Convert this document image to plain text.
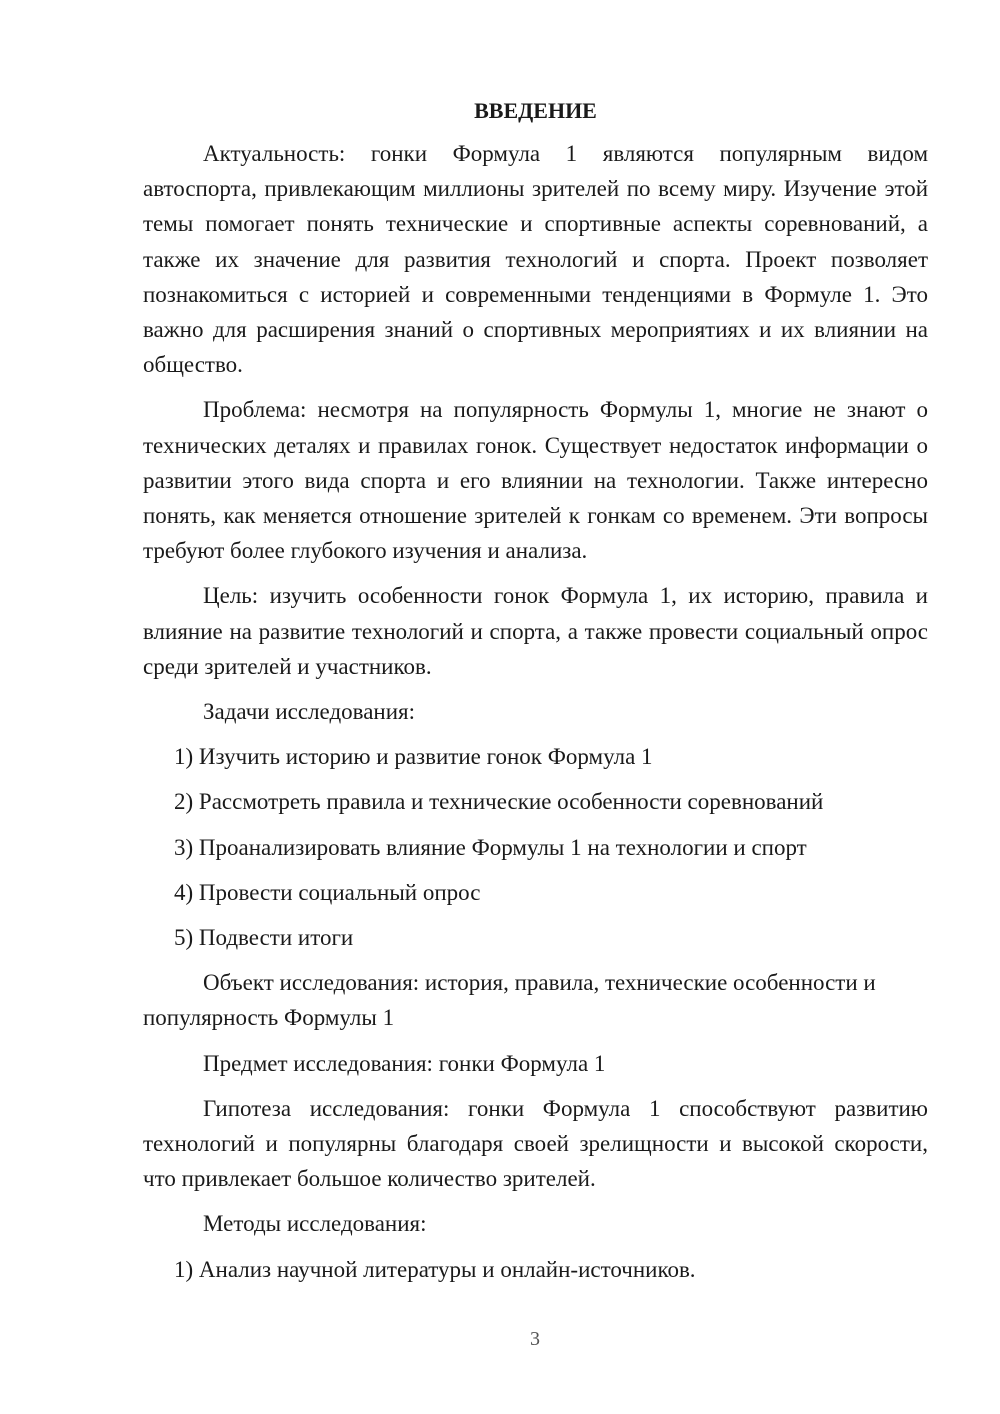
ВВЕДЕНИЕ
Актуальность: гонки Формула 1 являются популярным видом автоспорта, привлекающим миллионы зрителей по всему миру. Изучение этой темы помогает понять технические и спортивные аспекты соревнований, а также их значение для развития технологий и спорта. Проект позволяет познакомиться с историей и современными тенденциями в Формуле 1. Это важно для расширения знаний о спортивных мероприятиях и их влиянии на общество.
Проблема: несмотря на популярность Формулы 1, многие не знают о технических деталях и правилах гонок. Существует недостаток информации о развитии этого вида спорта и его влиянии на технологии. Также интересно понять, как меняется отношение зрителей к гонкам со временем. Эти вопросы требуют более глубокого изучения и анализа.
Цель: изучить особенности гонок Формула 1, их историю, правила и влияние на развитие технологий и спорта, а также провести социальный опрос среди зрителей и участников.
Задачи исследования:
1) Изучить историю и развитие гонок Формула 1
2) Рассмотреть правила и технические особенности соревнований
3) Проанализировать влияние Формулы 1 на технологии и спорт
4) Провести социальный опрос
5) Подвести итоги
Объект исследования: история, правила, технические особенности и популярность Формулы 1
Предмет исследования: гонки Формула 1
Гипотеза исследования: гонки Формула 1 способствуют развитию технологий и популярны благодаря своей зрелищности и высокой скорости, что привлекает большое количество зрителей.
Методы исследования:
1) Анализ научной литературы и онлайн-источников.
3
